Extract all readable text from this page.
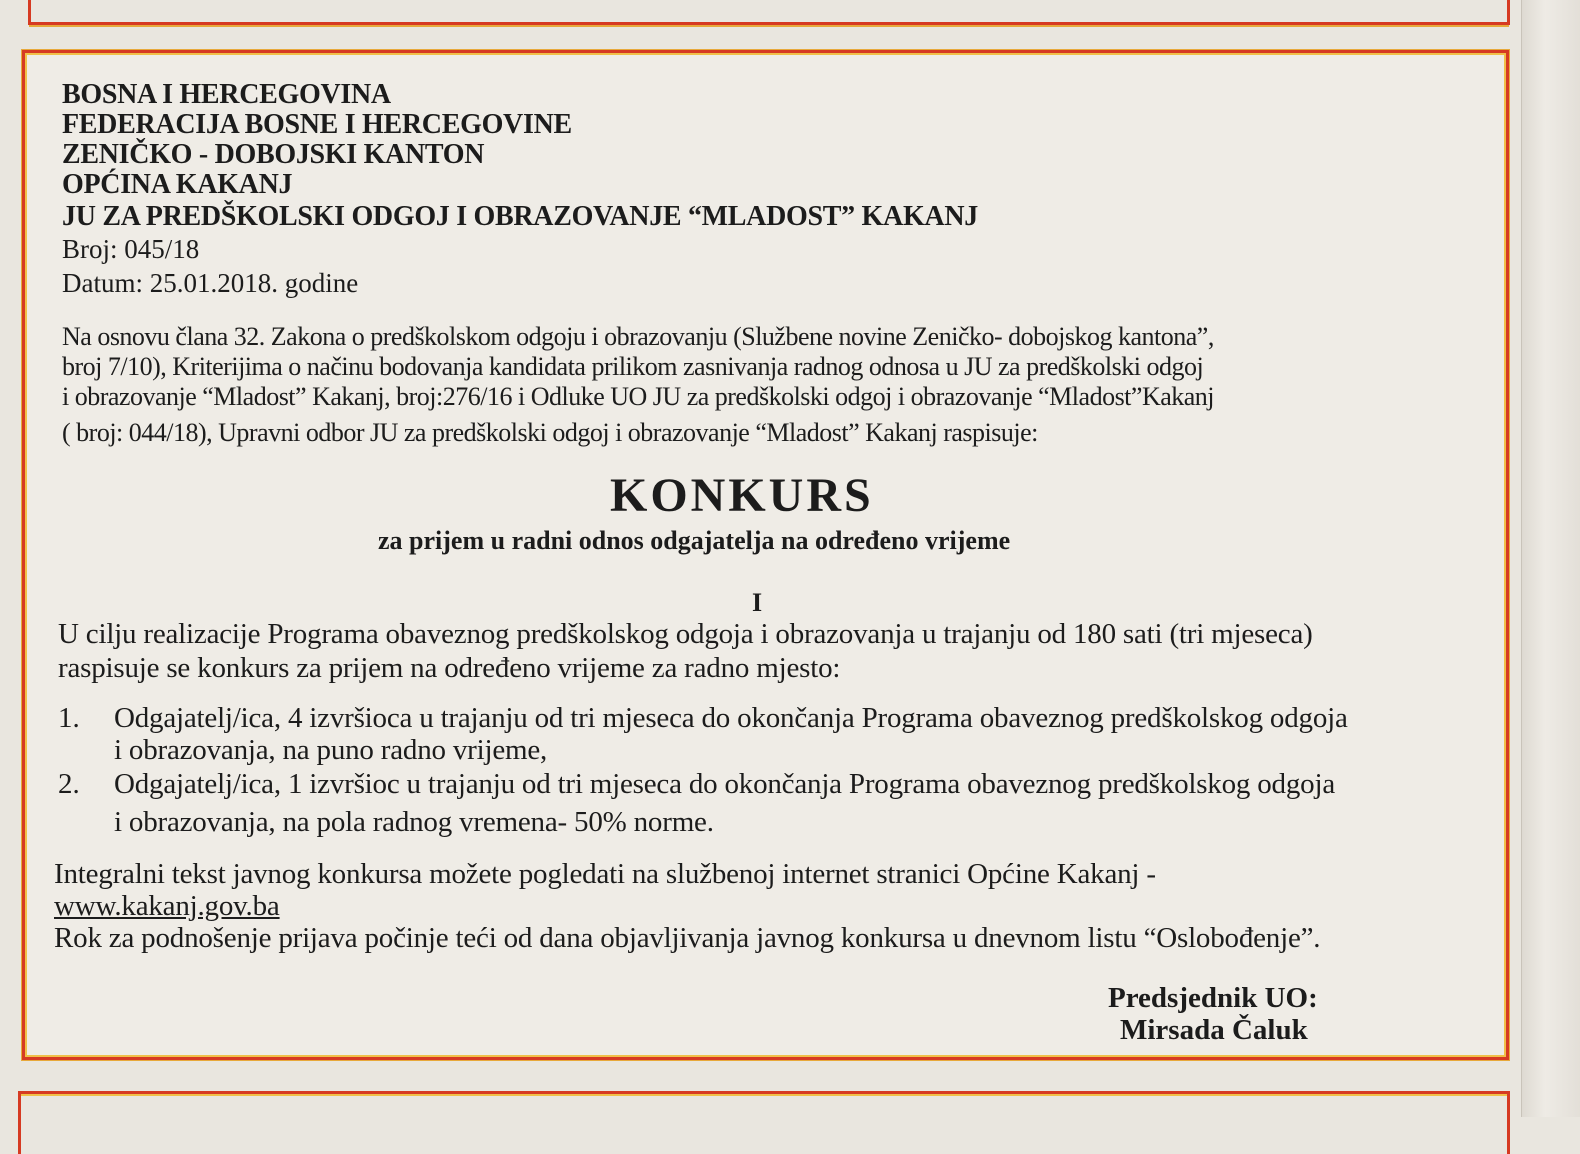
BOSNA I HERCEGOVINA
FEDERACIJA BOSNE I HERCEGOVINE
ZENIČKO - DOBOJSKI KANTON
OPĆINA KAKANJ
JU ZA PREDŠKOLSKI ODGOJ I OBRAZOVANJE “MLADOST” KAKANJ
Broj: 045/18
Datum: 25.01.2018. godine
Na osnovu člana 32. Zakona o predškolskom odgoju i obrazovanju (Službene novine Zeničko- dobojskog kantona”,
broj 7/10), Kriterijima o načinu bodovanja kandidata prilikom zasnivanja radnog odnosa u JU za predškolski odgoj
i obrazovanje “Mladost” Kakanj, broj:276/16 i Odluke UO JU za predškolski odgoj i obrazovanje “Mladost”Kakanj
( broj: 044/18), Upravni odbor JU za predškolski odgoj i obrazovanje “Mladost” Kakanj raspisuje:
KONKURS
za prijem u radni odnos odgajatelja na određeno vrijeme
I
U cilju realizacije Programa obaveznog predškolskog odgoja i obrazovanja u trajanju od 180 sati (tri mjeseca)
raspisuje se konkurs za prijem na određeno vrijeme za radno mjesto:
1. Odgajatelj/ica, 4 izvršioca u trajanju od tri mjeseca do okončanja Programa obaveznog predškolskog odgoja
i obrazovanja, na puno radno vrijeme,
2. Odgajatelj/ica, 1 izvršioc u trajanju od tri mjeseca do okončanja Programa obaveznog predškolskog odgoja
i obrazovanja, na pola radnog vremena- 50% norme.
Integralni tekst javnog konkursa možete pogledati na službenoj internet stranici Općine Kakanj -
www.kakanj.gov.ba
Rok za podnošenje prijava počinje teći od dana objavljivanja javnog konkursa u dnevnom listu “Oslobođenje”.
Predsjednik UO:
Mirsada Čaluk
